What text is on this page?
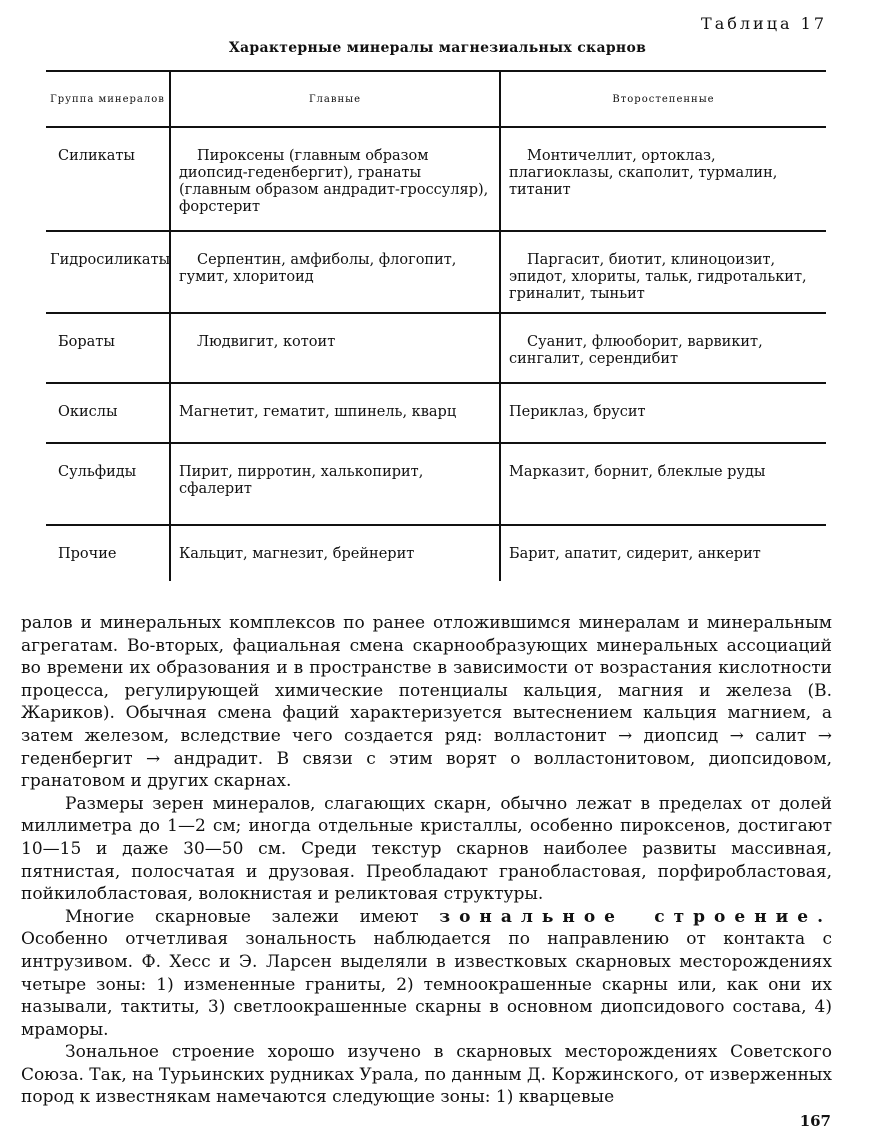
Таблица 17
Характерные минералы магнезиальных скарнов
Группа минералов	Главные	Второстепенные
Силикаты	Пироксены (главным образом диопсид-геденбергит), гранаты (главным образом андрадит-гроссуляр), форстерит	Монтичеллит, ортоклаз, плагиоклазы, скаполит, турмалин, титанит
Гидросиликаты	Серпентин, амфиболы, флогопит, гумит, хлоритоид	Паргасит, биотит, клиноцоизит, эпидот, хлориты, тальк, гидроталькит, гриналит, тыньит
Бораты	Людвигит, котоит	Суанит, флюоборит, варвикит, сингалит, серендибит
Окислы	Магнетит, гематит, шпинель, кварц	Периклаз, брусит
Сульфиды	Пирит, пирротин, халькопирит, сфалерит	Марказит, борнит, блеклые руды
Прочие	Кальцит, магнезит, брейнерит	Барит, апатит, сидерит, анкерит

ралов и минеральных комплексов по ранее отложившимся минералам и минеральным агрегатам. Во-вторых, фациальная смена скарнообразующих минеральных ассоциаций во времени их образования и в пространстве в зависимости от возрастания кислотности процесса, регулирующей химические потенциалы кальция, магния и железа (В. Жариков). Обычная смена фаций характеризуется вытеснением кальция магнием, а затем железом, вследствие чего создается ряд: волластонит → диопсид → салит → геденбергит → андрадит. В связи с этим ворят о волластонитовом, диопсидовом, гранатовом и других скарнах.

Размеры зерен минералов, слагающих скарн, обычно лежат в пределах от долей миллиметра до 1—2 см; иногда отдельные кристаллы, особенно пироксенов, достигают 10—15 и даже 30—50 см. Среди текстур скарнов наиболее развиты массивная, пятнистая, полосчатая и друзовая. Преобладают гранобластовая, порфиробластовая, пойкилобластовая, волокнистая и реликтовая структуры.

Многие скарновые залежи имеют зональное строение. Особенно отчетливая зональность наблюдается по направлению от контакта с интрузивом. Ф. Хесс и Э. Ларсен выделяли в известковых скарновых месторождениях четыре зоны: 1) измененные граниты, 2) темноокрашенные скарны или, как они их называли, тактиты, 3) светлоокрашенные скарны в основном диопсидового состава, 4) мраморы.

Зональное строение хорошо изучено в скарновых месторождениях Советского Союза. Так, на Турьинских рудниках Урала, по данным Д. Коржинского, от изверженных пород к известнякам намечаются следующие зоны: 1) кварцевые

167
